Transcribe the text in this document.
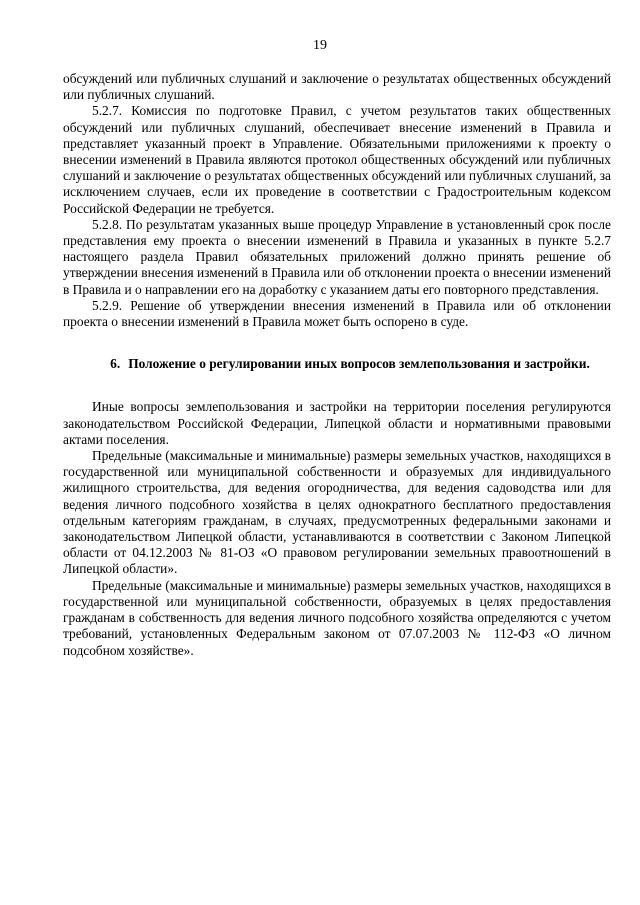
19

обсуждений или публичных слушаний и заключение о результатах общественных обсуждений или публичных слушаний.

5.2.7. Комиссия по подготовке Правил, с учетом результатов таких общественных обсуждений или публичных слушаний, обеспечивает внесение изменений в Правила и представляет указанный проект в Управление. Обязательными приложениями к проекту о внесении изменений в Правила являются протокол общественных обсуждений или публичных слушаний и заключение о результатах общественных обсуждений или публичных слушаний, за исключением случаев, если их проведение в соответствии с Градостроительным кодексом Российской Федерации не требуется.

5.2.8. По результатам указанных выше процедур Управление в установленный срок после представления ему проекта о внесении изменений в Правила и указанных в пункте 5.2.7 настоящего раздела Правил обязательных приложений должно принять решение об утверждении внесения изменений в Правила или об отклонении проекта о внесении изменений в Правила и о направлении его на доработку с указанием даты его повторного представления.

5.2.9. Решение об утверждении внесения изменений в Правила или об отклонении проекта о внесении изменений в Правила может быть оспорено в суде.

6. Положение о регулировании иных вопросов землепользования и застройки.

Иные вопросы землепользования и застройки на территории поселения регулируются законодательством Российской Федерации, Липецкой области и нормативными правовыми актами поселения.

Предельные (максимальные и минимальные) размеры земельных участков, находящихся в государственной или муниципальной собственности и образуемых для индивидуального жилищного строительства, для ведения огородничества, для ведения садоводства или для ведения личного подсобного хозяйства в целях однократного бесплатного предоставления отдельным категориям гражданам, в случаях, предусмотренных федеральными законами и законодательством Липецкой области, устанавливаются в соответствии с Законом Липецкой области от 04.12.2003 № 81-ОЗ «О правовом регулировании земельных правоотношений в Липецкой области».

Предельные (максимальные и минимальные) размеры земельных участков, находящихся в государственной или муниципальной собственности, образуемых в целях предоставления гражданам в собственность для ведения личного подсобного хозяйства определяются с учетом требований, установленных Федеральным законом от 07.07.2003 № 112-ФЗ «О личном подсобном хозяйстве».
